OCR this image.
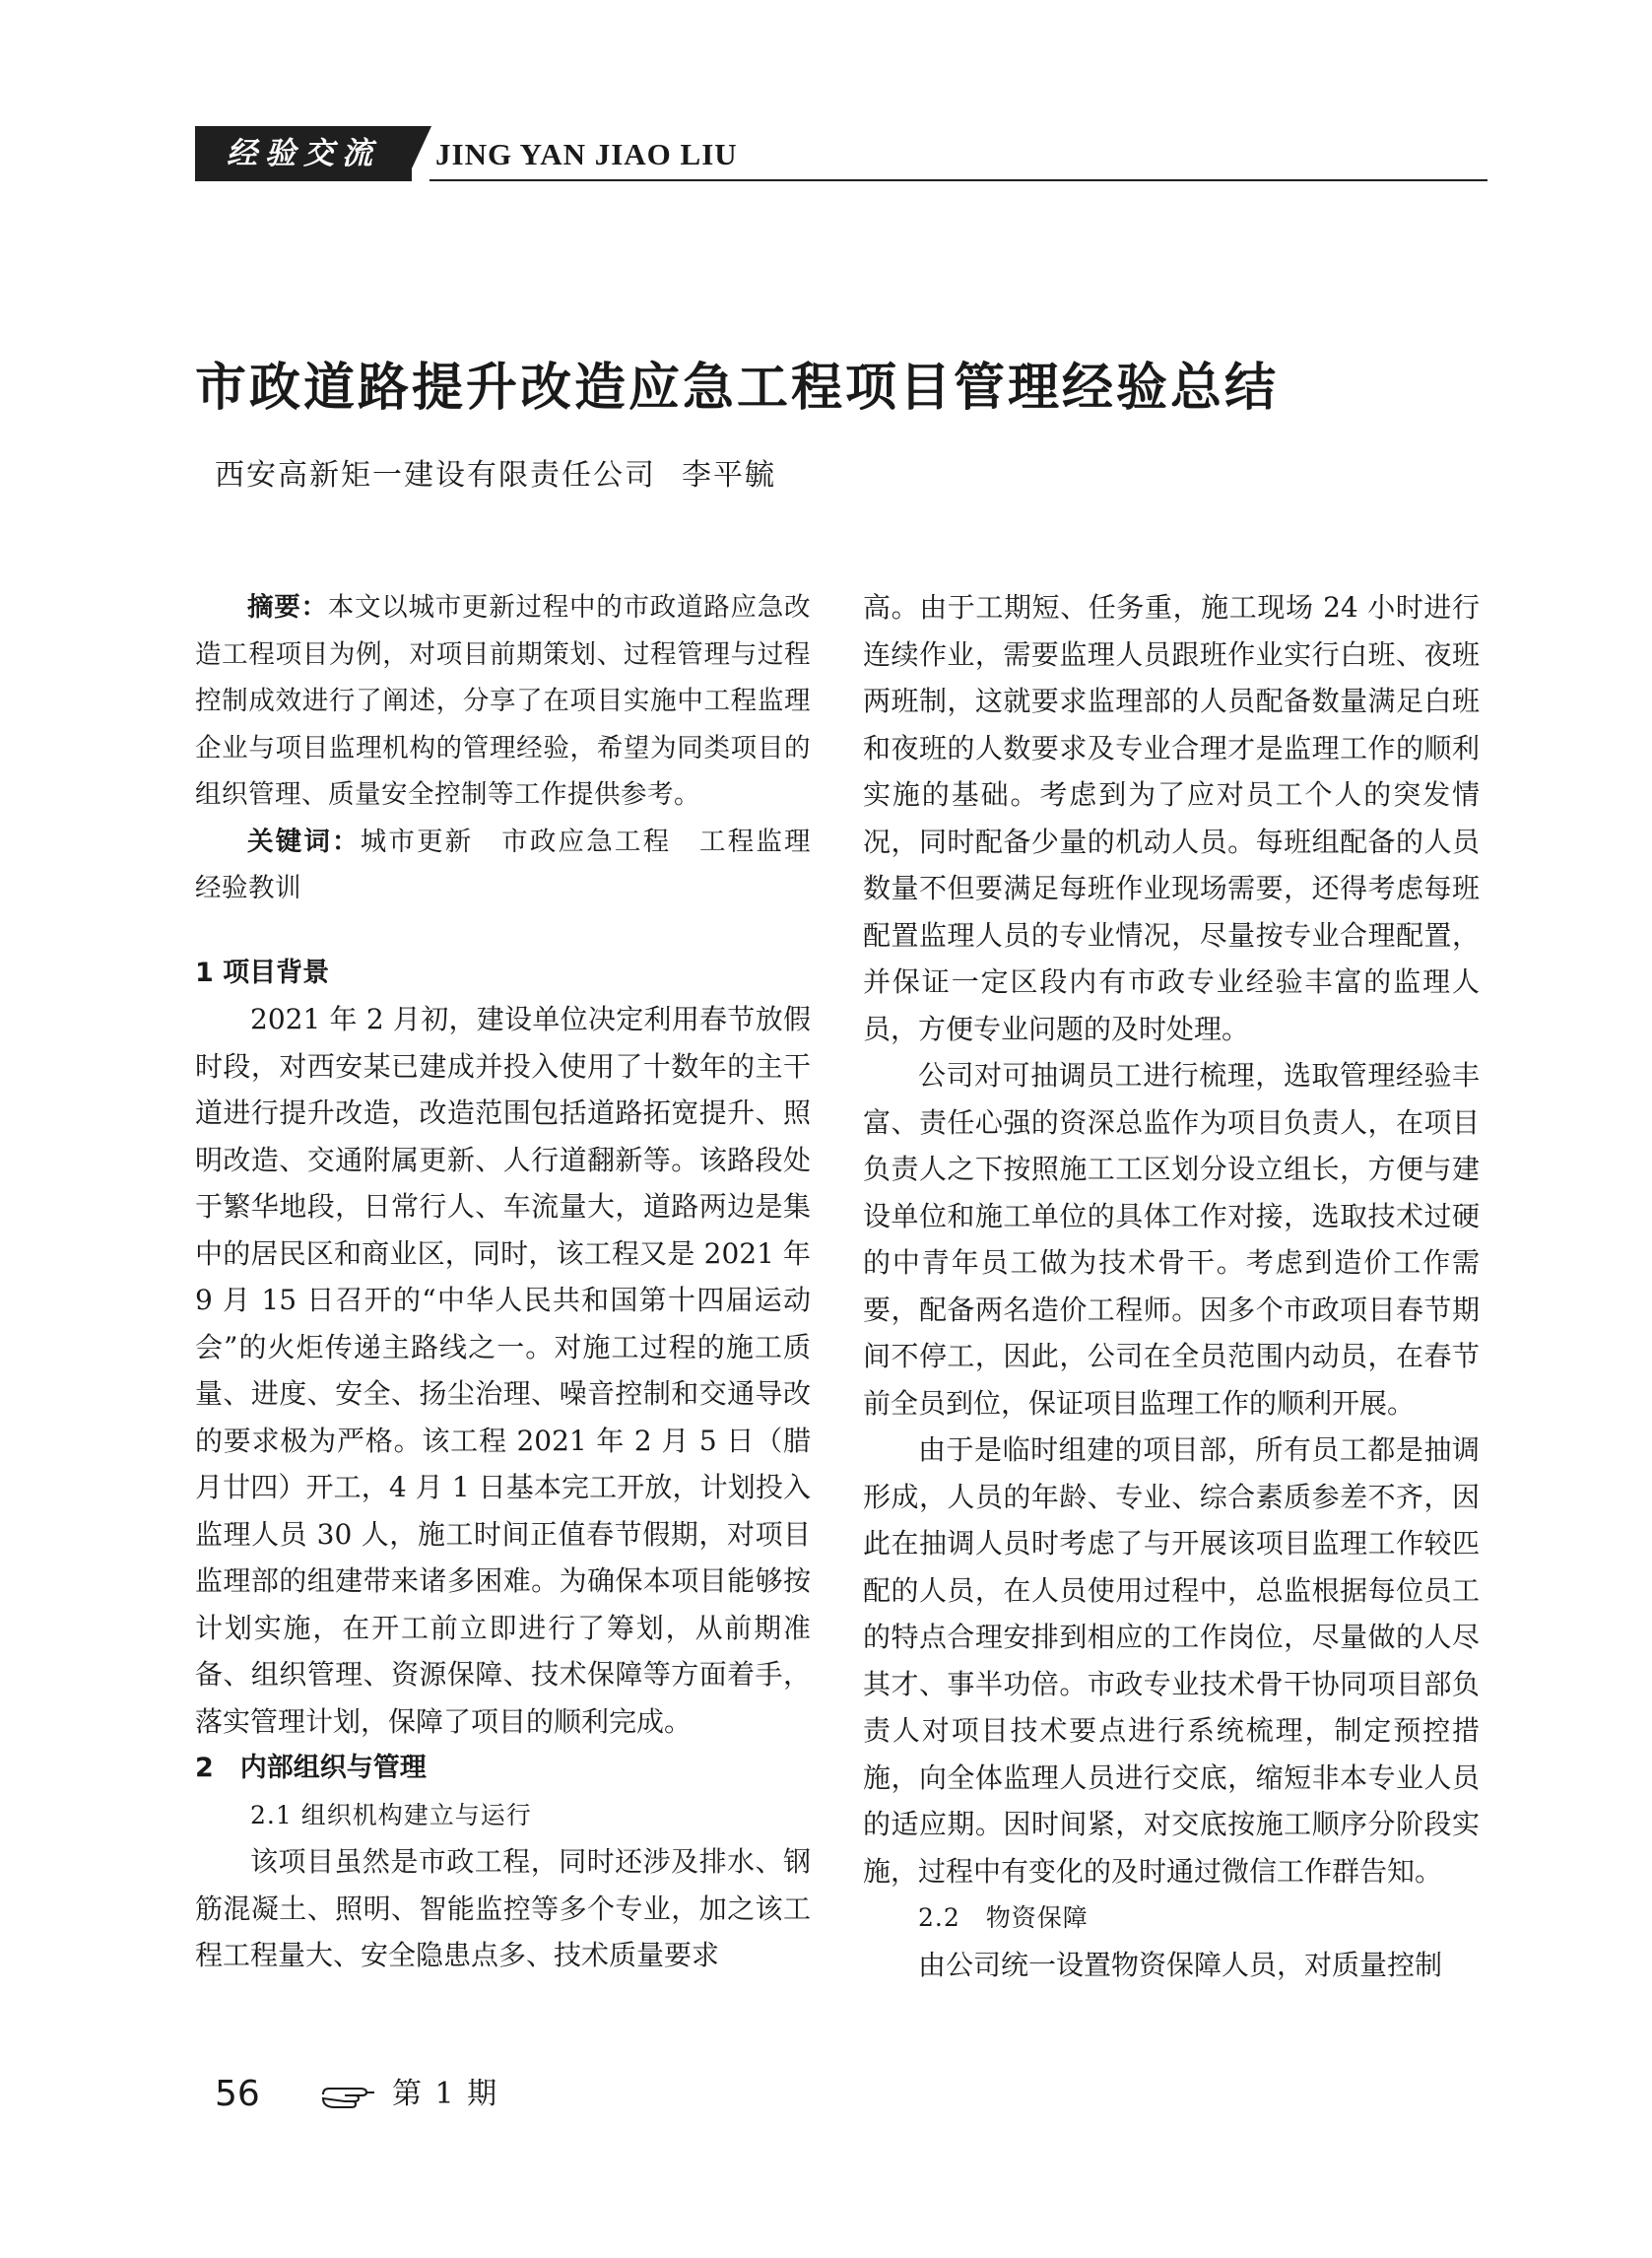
经验交流	JING YAN JIAO LIU
市政道路提升改造应急工程项目管理经验总结
西安高新矩一建设有限责任公司 李平毓

摘要：本文以城市更新过程中的市政道路应急改造工程项目为例，对项目前期策划、过程管理与过程控制成效进行了阐述，分享了在项目实施中工程监理企业与项目监理机构的管理经验，希望为同类项目的组织管理、质量安全控制等工作提供参考。

关键词：城市更新　市政应急工程　工程监理　经验教训

1 项目背景

2021 年 2 月初，建设单位决定利用春节放假时段，对西安某已建成并投入使用了十数年的主干道进行提升改造，改造范围包括道路拓宽提升、照明改造、交通附属更新、人行道翻新等。该路段处于繁华地段，日常行人、车流量大，道路两边是集中的居民区和商业区，同时，该工程又是 2021 年 9 月 15 日召开的“中华人民共和国第十四届运动会”的火炬传递主路线之一。对施工过程的施工质量、进度、安全、扬尘治理、噪音控制和交通导改的要求极为严格。该工程 2021 年 2 月 5 日（腊月廿四）开工，4 月 1 日基本完工开放，计划投入监理人员 30 人，施工时间正值春节假期，对项目监理部的组建带来诸多困难。为确保本项目能够按计划实施，在开工前立即进行了筹划，从前期准备、组织管理、资源保障、技术保障等方面着手，落实管理计划，保障了项目的顺利完成。

2　内部组织与管理

2.1 组织机构建立与运行

该项目虽然是市政工程，同时还涉及排水、钢筋混凝土、照明、智能监控等多个专业，加之该工程工程量大、安全隐患点多、技术质量要求

高。由于工期短、任务重，施工现场 24 小时进行连续作业，需要监理人员跟班作业实行白班、夜班两班制，这就要求监理部的人员配备数量满足白班和夜班的人数要求及专业合理才是监理工作的顺利实施的基础。考虑到为了应对员工个人的突发情况，同时配备少量的机动人员。每班组配备的人员数量不但要满足每班作业现场需要，还得考虑每班配置监理人员的专业情况，尽量按专业合理配置，并保证一定区段内有市政专业经验丰富的监理人员，方便专业问题的及时处理。

公司对可抽调员工进行梳理，选取管理经验丰富、责任心强的资深总监作为项目负责人，在项目负责人之下按照施工工区划分设立组长，方便与建设单位和施工单位的具体工作对接，选取技术过硬的中青年员工做为技术骨干。考虑到造价工作需要，配备两名造价工程师。因多个市政项目春节期间不停工，因此，公司在全员范围内动员，在春节前全员到位，保证项目监理工作的顺利开展。

由于是临时组建的项目部，所有员工都是抽调形成，人员的年龄、专业、综合素质参差不齐，因此在抽调人员时考虑了与开展该项目监理工作较匹配的人员，在人员使用过程中，总监根据每位员工的特点合理安排到相应的工作岗位，尽量做的人尽其才、事半功倍。市政专业技术骨干协同项目部负责人对项目技术要点进行系统梳理，制定预控措施，向全体监理人员进行交底，缩短非本专业人员的适应期。因时间紧，对交底按施工顺序分阶段实施，过程中有变化的及时通过微信工作群告知。

2.2　物资保障

由公司统一设置物资保障人员，对质量控制

56	第 1 期
